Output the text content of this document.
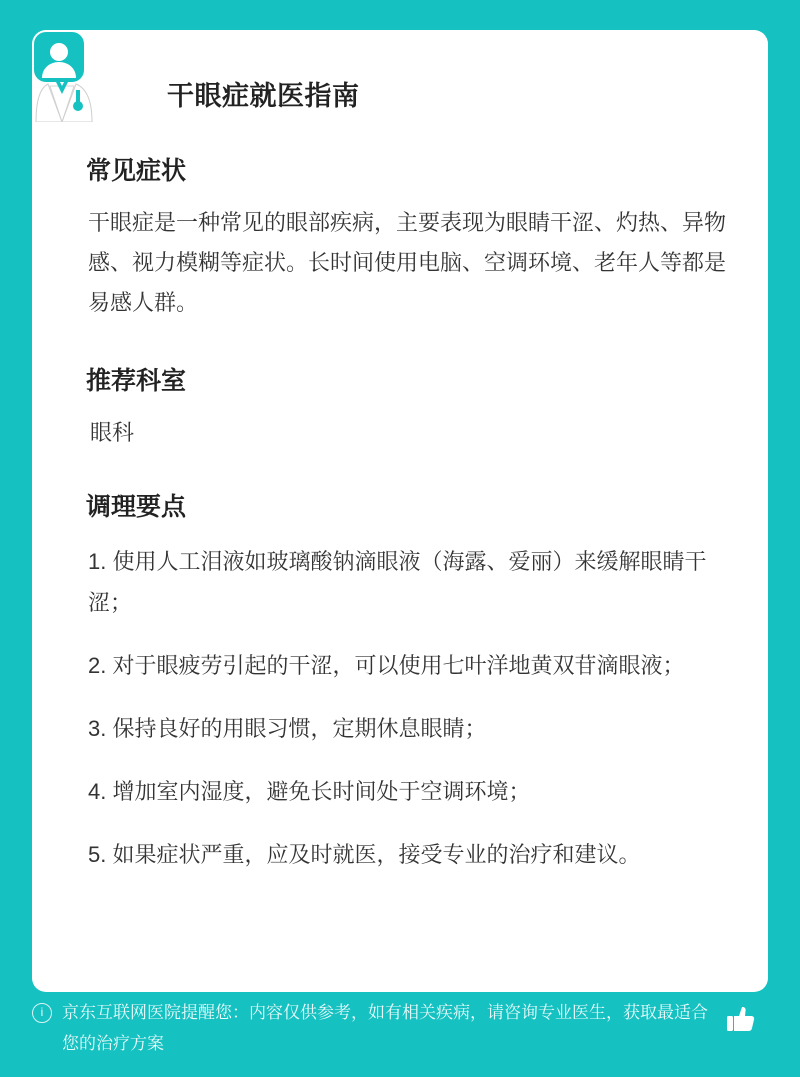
干眼症就医指南
常见症状

干眼症是一种常见的眼部疾病，主要表现为眼睛干涩、灼热、异物感、视力模糊等症状。长时间使用电脑、空调环境、老年人等都是易感人群。

推荐科室

眼科

调理要点
1. 使用人工泪液如玻璃酸钠滴眼液（海露、爱丽）来缓解眼睛干涩；
2. 对于眼疲劳引起的干涩，可以使用七叶洋地黄双苷滴眼液；
3. 保持良好的用眼习惯，定期休息眼睛；
4. 增加室内湿度，避免长时间处于空调环境；
5. 如果症状严重，应及时就医，接受专业的治疗和建议。
i	京东互联网医院提醒您：内容仅供参考，如有相关疾病，请咨询专业医生，获取最适合您的治疗方案
